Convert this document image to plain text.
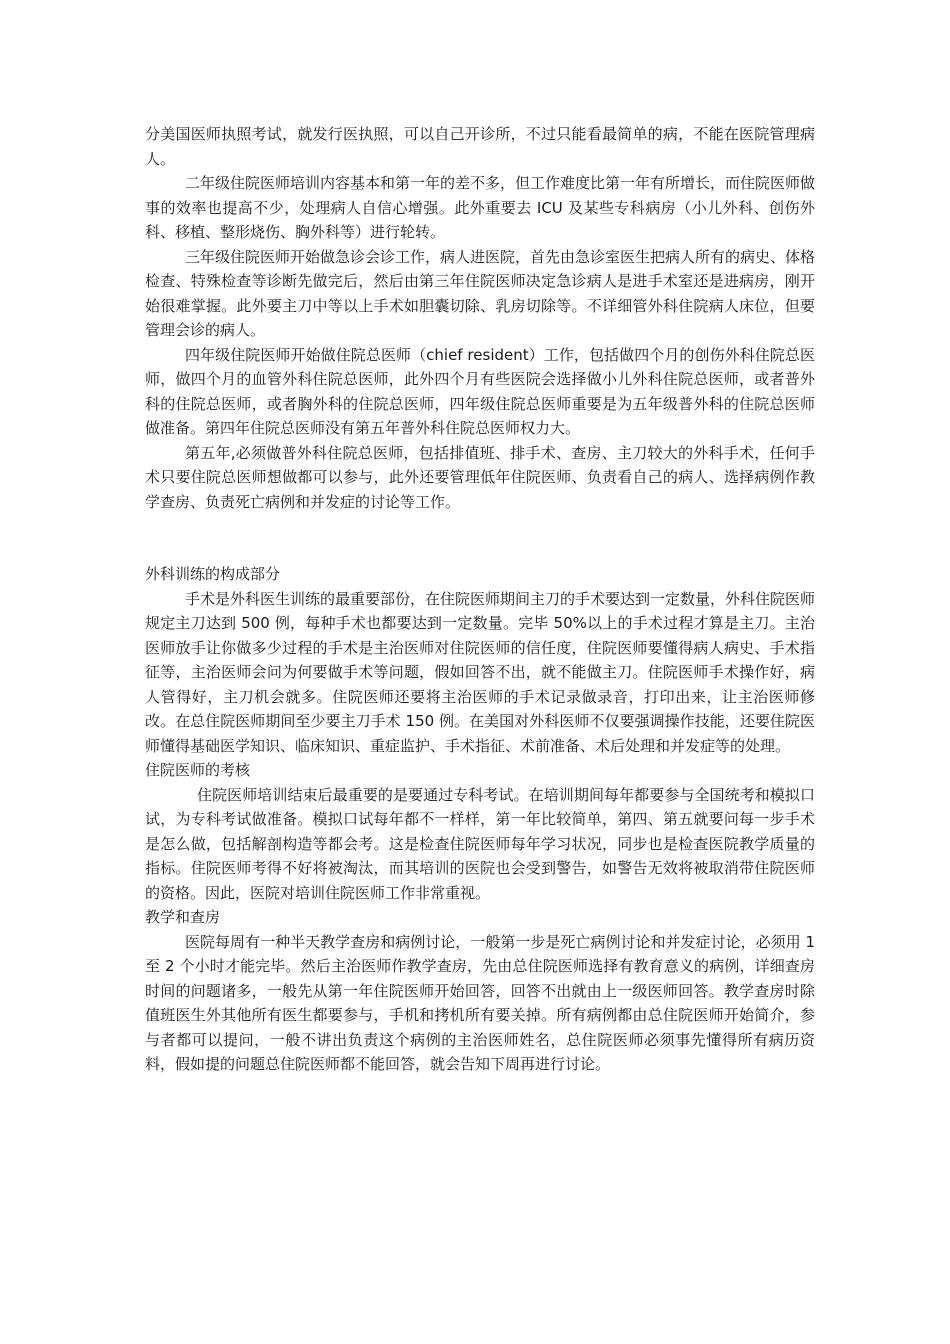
分美国医师执照考试，就发行医执照，可以自己开诊所，不过只能看最简单的病，不能在医院管理病人。

二年级住院医师培训内容基本和第一年的差不多，但工作难度比第一年有所增长，而住院医师做事的效率也提高不少，处理病人自信心增强。此外重要去 ICU 及某些专科病房（小儿外科、创伤外科、移植、整形烧伤、胸外科等）进行轮转。

三年级住院医师开始做急诊会诊工作，病人进医院，首先由急诊室医生把病人所有的病史、体格检查、特殊检查等诊断先做完后，然后由第三年住院医师决定急诊病人是进手术室还是进病房，刚开始很难掌握。此外要主刀中等以上手术如胆囊切除、乳房切除等。不详细管外科住院病人床位，但要管理会诊的病人。

四年级住院医师开始做住院总医师（chief resident）工作，包括做四个月的创伤外科住院总医师，做四个月的血管外科住院总医师，此外四个月有些医院会选择做小儿外科住院总医师，或者普外科的住院总医师，或者胸外科的住院总医师，四年级住院总医师重要是为五年级普外科的住院总医师做准备。第四年住院总医师没有第五年普外科住院总医师权力大。

第五年,必须做普外科住院总医师，包括排值班、排手术、查房、主刀较大的外科手术，任何手术只要住院总医师想做都可以参与，此外还要管理低年住院医师、负责看自己的病人、选择病例作教学查房、负责死亡病例和并发症的讨论等工作。

外科训练的构成部分

手术是外科医生训练的最重要部份，在住院医师期间主刀的手术要达到一定数量，外科住院医师规定主刀达到 500 例，每种手术也都要达到一定数量。完毕 50%以上的手术过程才算是主刀。主治医师放手让你做多少过程的手术是主治医师对住院医师的信任度，住院医师要懂得病人病史、手术指征等，主治医师会问为何要做手术等问题，假如回答不出，就不能做主刀。住院医师手术操作好，病人管得好，主刀机会就多。住院医师还要将主治医师的手术记录做录音，打印出来，让主治医师修改。在总住院医师期间至少要主刀手术 150 例。在美国对外科医师不仅要强调操作技能，还要住院医师懂得基础医学知识、临床知识、重症监护、手术指征、术前准备、术后处理和并发症等的处理。

住院医师的考核

住院医师培训结束后最重要的是要通过专科考试。在培训期间每年都要参与全国统考和模拟口试，为专科考试做准备。模拟口试每年都不一样样，第一年比较简单，第四、第五就要问每一步手术是怎么做，包括解剖构造等都会考。这是检查住院医师每年学习状况，同步也是检查医院教学质量的指标。住院医师考得不好将被淘汰，而其培训的医院也会受到警告，如警告无效将被取消带住院医师的资格。因此，医院对培训住院医师工作非常重视。

教学和查房

医院每周有一种半天教学查房和病例讨论，一般第一步是死亡病例讨论和并发症讨论，必须用 1 至 2 个小时才能完毕。然后主治医师作教学查房，先由总住院医师选择有教育意义的病例，详细查房时间的问题诸多，一般先从第一年住院医师开始回答，回答不出就由上一级医师回答。教学查房时除值班医生外其他所有医生都要参与，手机和拷机所有要关掉。所有病例都由总住院医师开始简介，参与者都可以提问，一般不讲出负责这个病例的主治医师姓名，总住院医师必须事先懂得所有病历资料，假如提的问题总住院医师都不能回答，就会告知下周再进行讨论。
